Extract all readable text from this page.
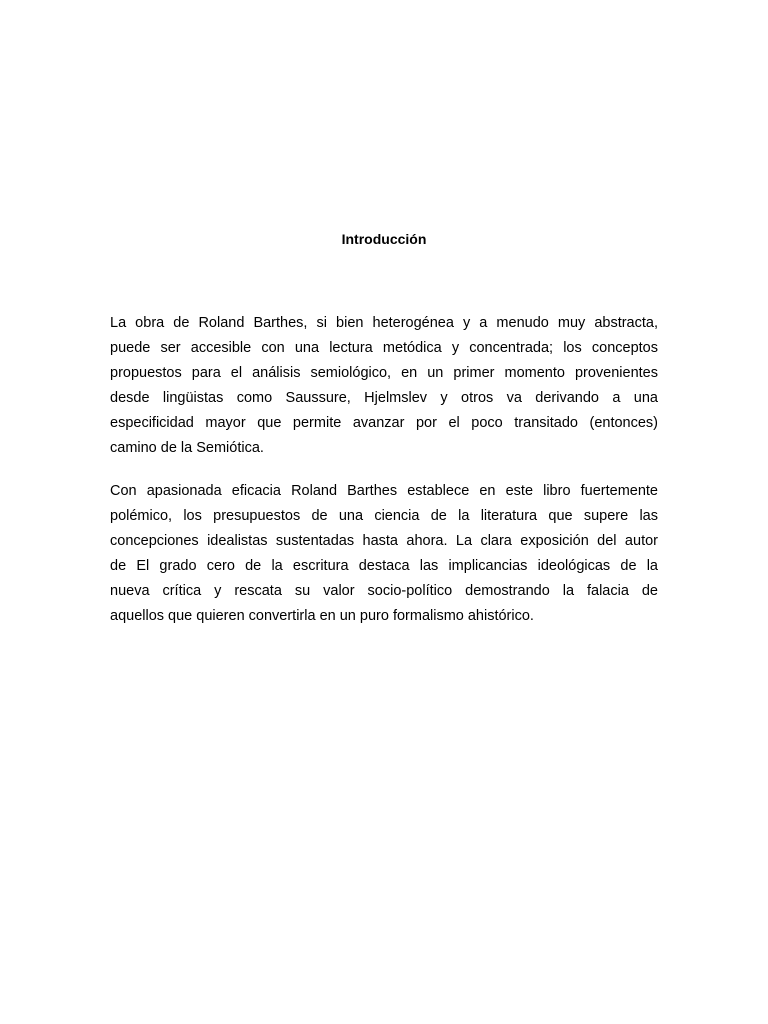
Introducción
La obra de Roland Barthes, si bien heterogénea y a menudo muy abstracta,
puede ser accesible con una lectura metódica y concentrada; los conceptos
propuestos para el análisis semiológico, en un primer momento provenientes
desde lingüistas como Saussure, Hjelmslev y otros va derivando a una
especificidad mayor que permite avanzar por el poco transitado (entonces)
camino de la Semiótica.
Con apasionada eficacia Roland Barthes establece en este libro fuertemente
polémico, los presupuestos de una ciencia de la literatura que supere las
concepciones idealistas sustentadas hasta ahora. La clara exposición del autor
de El grado cero de la escritura destaca las implicancias ideológicas de la
nueva crítica y rescata su valor socio-político demostrando la falacia de
aquellos que quieren convertirla en un puro formalismo ahistórico.
